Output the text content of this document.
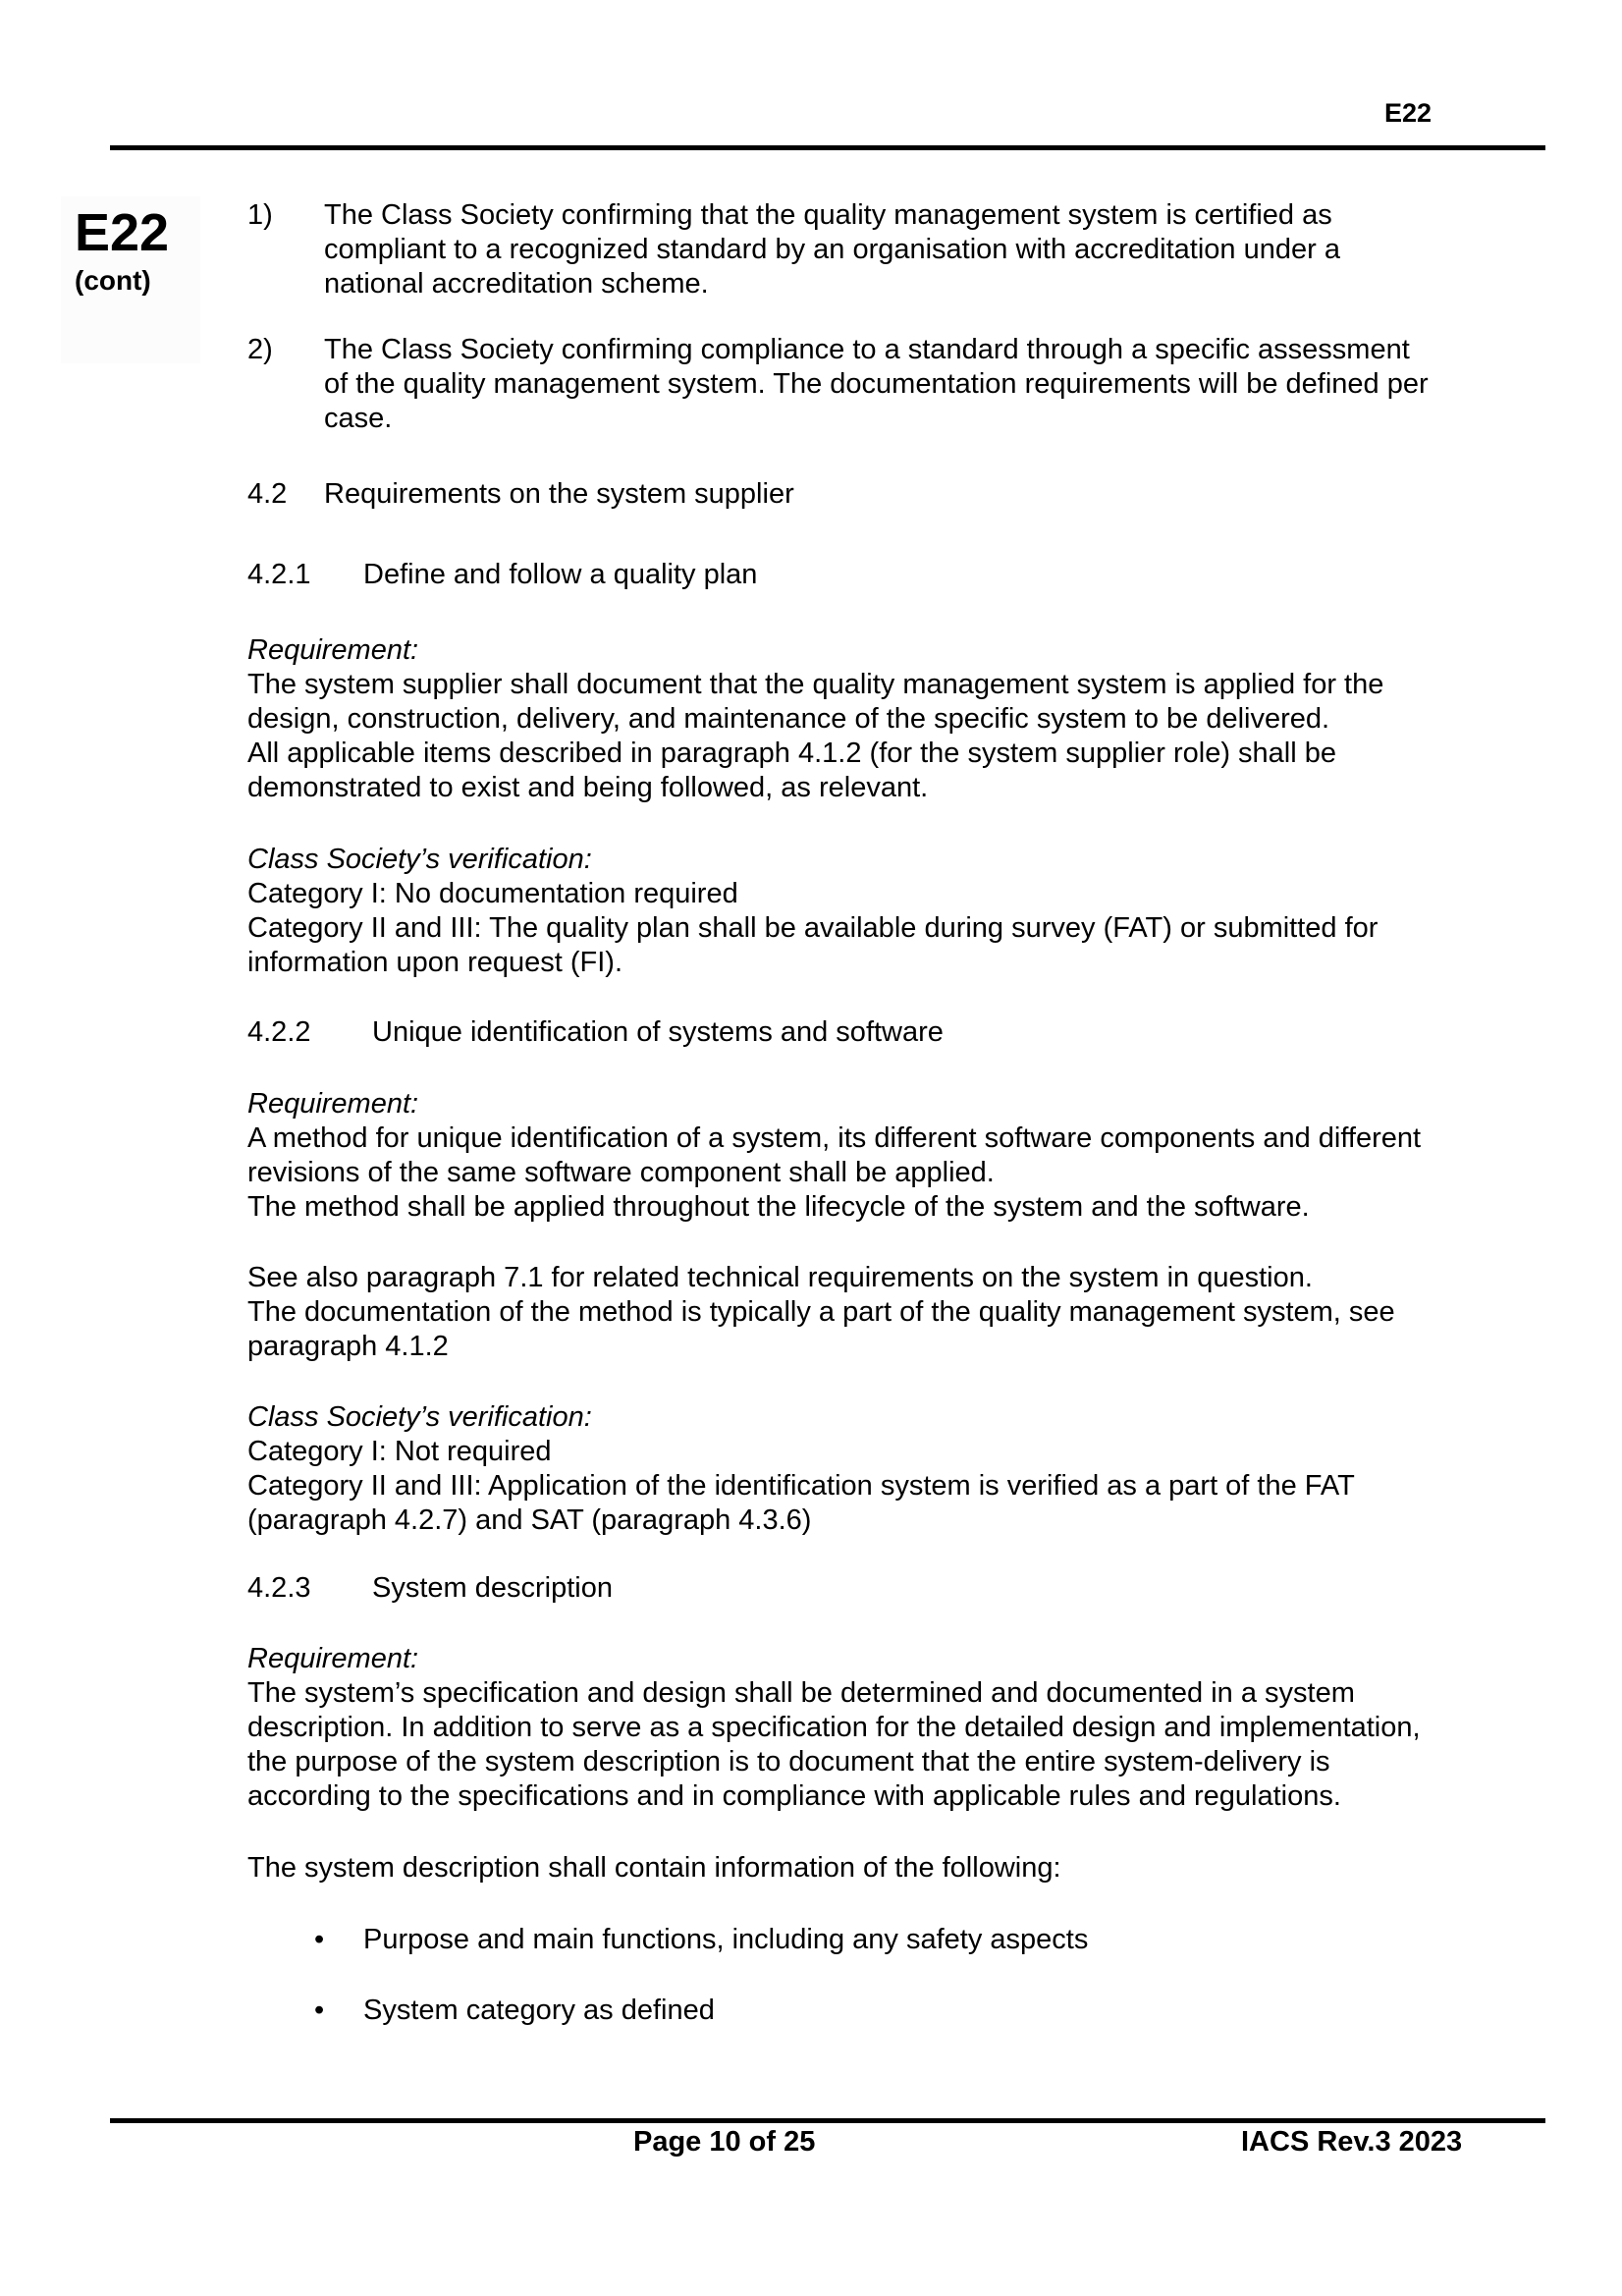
E22
E22
(cont)
1) The Class Society confirming that the quality management system is certified as
compliant to a recognized standard by an organisation with accreditation under a
national accreditation scheme.
2) The Class Society confirming compliance to a standard through a specific assessment
of the quality management system. The documentation requirements will be defined per
case.
4.2 Requirements on the system supplier
4.2.1 Define and follow a quality plan
Requirement:
The system supplier shall document that the quality management system is applied for the
design, construction, delivery, and maintenance of the specific system to be delivered.
All applicable items described in paragraph 4.1.2 (for the system supplier role) shall be
demonstrated to exist and being followed, as relevant.
Class Society’s verification:
Category I: No documentation required
Category II and III: The quality plan shall be available during survey (FAT) or submitted for
information upon request (FI).
4.2.2 Unique identification of systems and software
Requirement:
A method for unique identification of a system, its different software components and different
revisions of the same software component shall be applied.
The method shall be applied throughout the lifecycle of the system and the software.
See also paragraph 7.1 for related technical requirements on the system in question.
The documentation of the method is typically a part of the quality management system, see
paragraph 4.1.2
Class Society’s verification:
Category I: Not required
Category II and III: Application of the identification system is verified as a part of the FAT
(paragraph 4.2.7) and SAT (paragraph 4.3.6)
4.2.3 System description
Requirement:
The system’s specification and design shall be determined and documented in a system
description. In addition to serve as a specification for the detailed design and implementation,
the purpose of the system description is to document that the entire system-delivery is
according to the specifications and in compliance with applicable rules and regulations.
The system description shall contain information of the following:
• Purpose and main functions, including any safety aspects
• System category as defined
Page 10 of 25	IACS Rev.3 2023
